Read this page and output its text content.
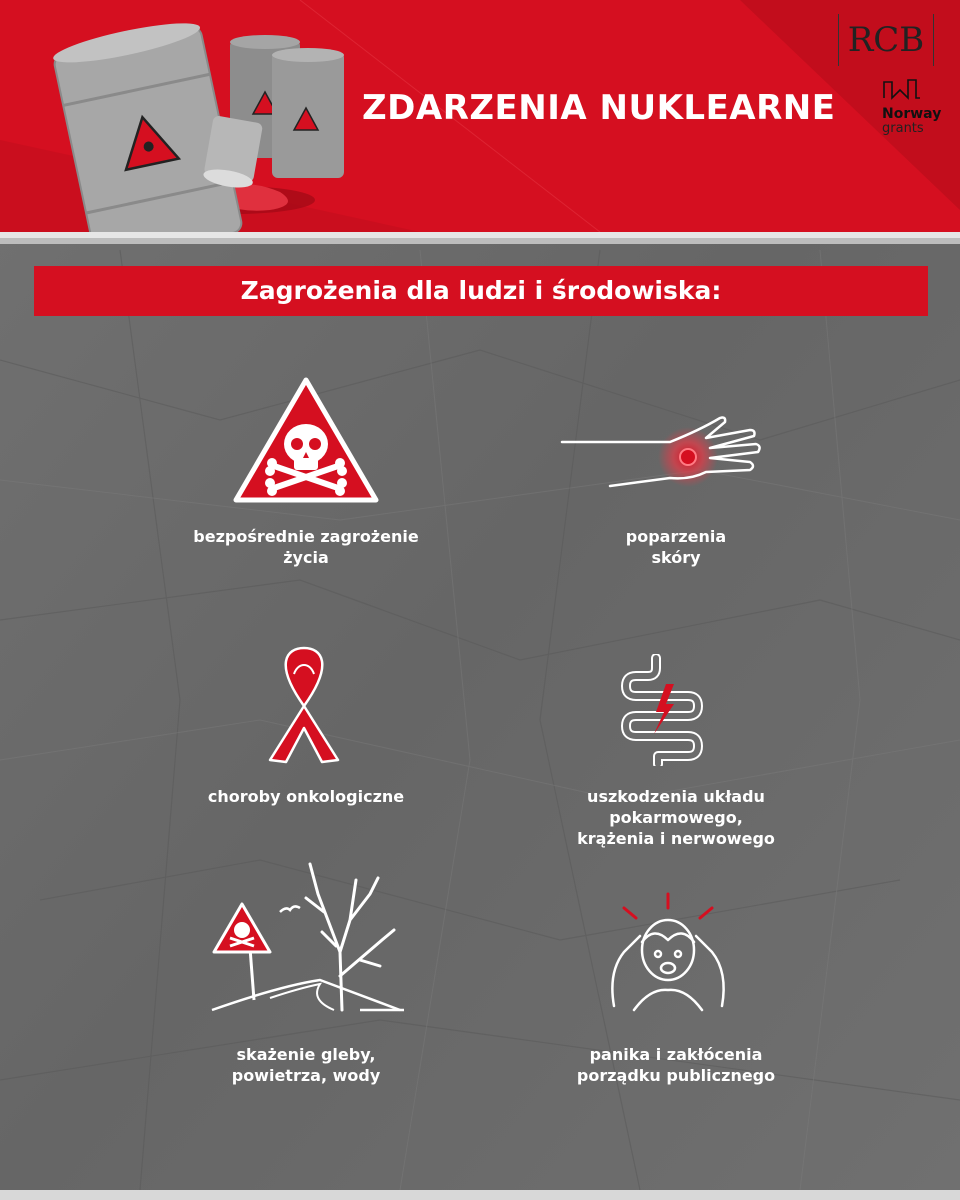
ZDARZENIA NUKLEARNE
RCB
Norway
grants
Zagrożenia dla ludzi i środowiska:
bezpośrednie zagrożenie
życia
poparzenia
skóry
choroby onkologiczne	uszkodzenia układu
pokarmowego,
krążenia i nerwowego
skażenie gleby,
powietrza, wody
panika i zakłócenia
porządku publicznego
